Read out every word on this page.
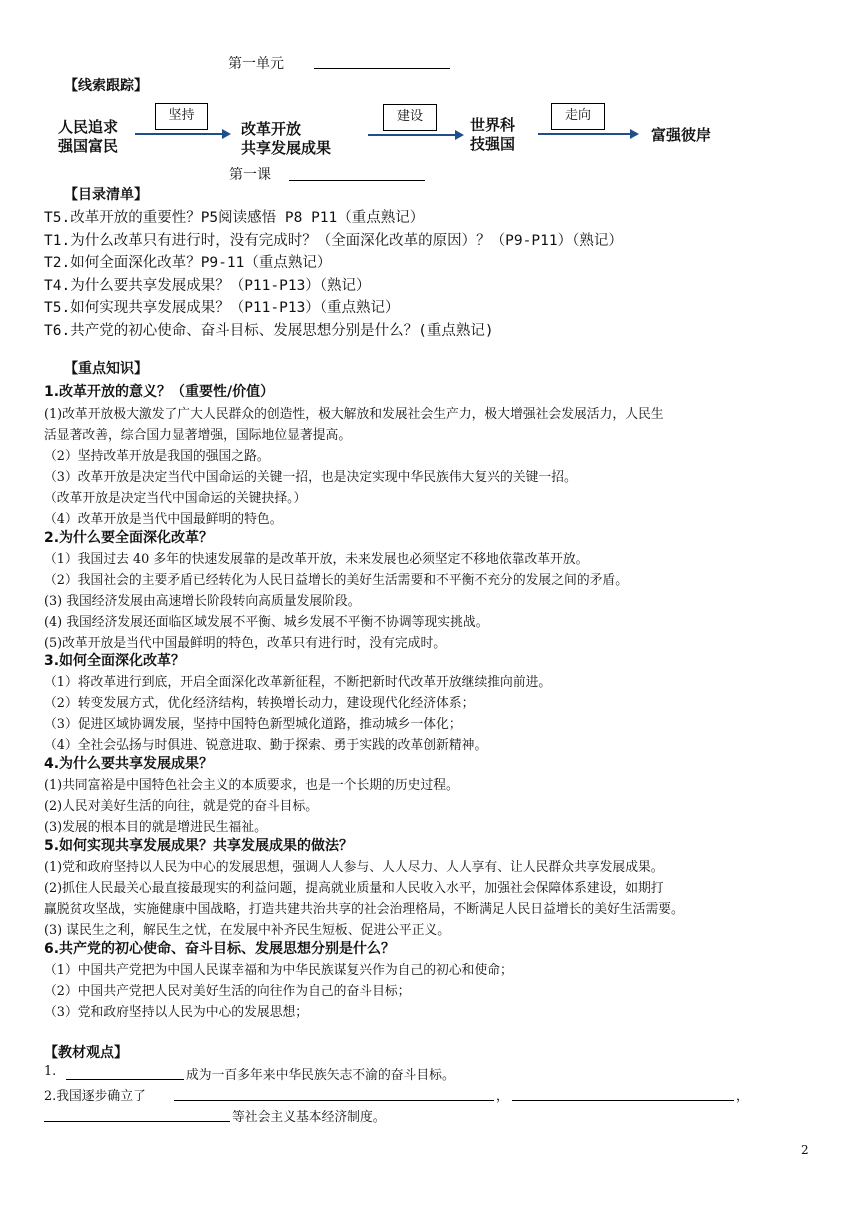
第一单元
【线索跟踪】
人民追求
强国富民
改革开放
共享发展成果
世界科
技强国	富强彼岸
坚持	建设	走向
第一课
【目录清单】
T5.改革开放的重要性？P5阅读感悟 P8 P11（重点熟记）
T1.为什么改革只有进行时，没有完成时？（全面深化改革的原因）？（P9-P11）（熟记）
T2.如何全面深化改革？P9-11（重点熟记）
T4.为什么要共享发展成果？（P11-P13）（熟记）
T5.如何实现共享发展成果？（P11-P13）（重点熟记）
T6.共产党的初心使命、奋斗目标、发展思想分别是什么？(重点熟记)
【重点知识】
1.改革开放的意义？（重要性/价值）
(1)改革开放极大激发了广大人民群众的创造性，极大解放和发展社会生产力，极大增强社会发展活力，人民生
活显著改善，综合国力显著增强，国际地位显著提高。
（2）坚持改革开放是我国的强国之路。
（3）改革开放是决定当代中国命运的关键一招，也是决定实现中华民族伟大复兴的关键一招。
（改革开放是决定当代中国命运的关键抉择。）
（4）改革开放是当代中国最鲜明的特色。
2.为什么要全面深化改革？
（1）我国过去 40 多年的快速发展靠的是改革开放，未来发展也必须坚定不移地依靠改革开放。
（2）我国社会的主要矛盾已经转化为人民日益增长的美好生活需要和不平衡不充分的发展之间的矛盾。
(3) 我国经济发展由高速增长阶段转向高质量发展阶段。
(4) 我国经济发展还面临区域发展不平衡、城乡发展不平衡不协调等现实挑战。
(5)改革开放是当代中国最鲜明的特色，改革只有进行时，没有完成时。
3.如何全面深化改革？
（1）将改革进行到底，开启全面深化改革新征程，不断把新时代改革开放继续推向前进。
（2）转变发展方式，优化经济结构，转换增长动力，建设现代化经济体系；
（3）促进区域协调发展，坚持中国特色新型城化道路，推动城乡一体化；
（4）全社会弘扬与时俱进、锐意进取、勤于探索、勇于实践的改革创新精神。
4.为什么要共享发展成果？
(1)共同富裕是中国特色社会主义的本质要求，也是一个长期的历史过程。
(2)人民对美好生活的向往，就是党的奋斗目标。
(3)发展的根本目的就是增进民生福祉。
5.如何实现共享发展成果？共享发展成果的做法？
(1)党和政府坚持以人民为中心的发展思想，强调人人参与、人人尽力、人人享有、让人民群众共享发展成果。
(2)抓住人民最关心最直接最现实的利益问题，提高就业质量和人民收入水平，加强社会保障体系建设，如期打
赢脱贫攻坚战，实施健康中国战略，打造共建共治共享的社会治理格局，不断满足人民日益增长的美好生活需要。
(3) 谋民生之利，解民生之忧，在发展中补齐民生短板、促进公平正义。
6.共产党的初心使命、奋斗目标、发展思想分别是什么？
（1）中国共产党把为中国人民谋幸福和为中华民族谋复兴作为自己的初心和使命；
（2）中国共产党把人民对美好生活的向往作为自己的奋斗目标；
（3）党和政府坚持以人民为中心的发展思想；
【教材观点】
1.	成为一百多年来中华民族矢志不渝的奋斗目标。
2.我国逐步确立了	，	，
等社会主义基本经济制度。
2
